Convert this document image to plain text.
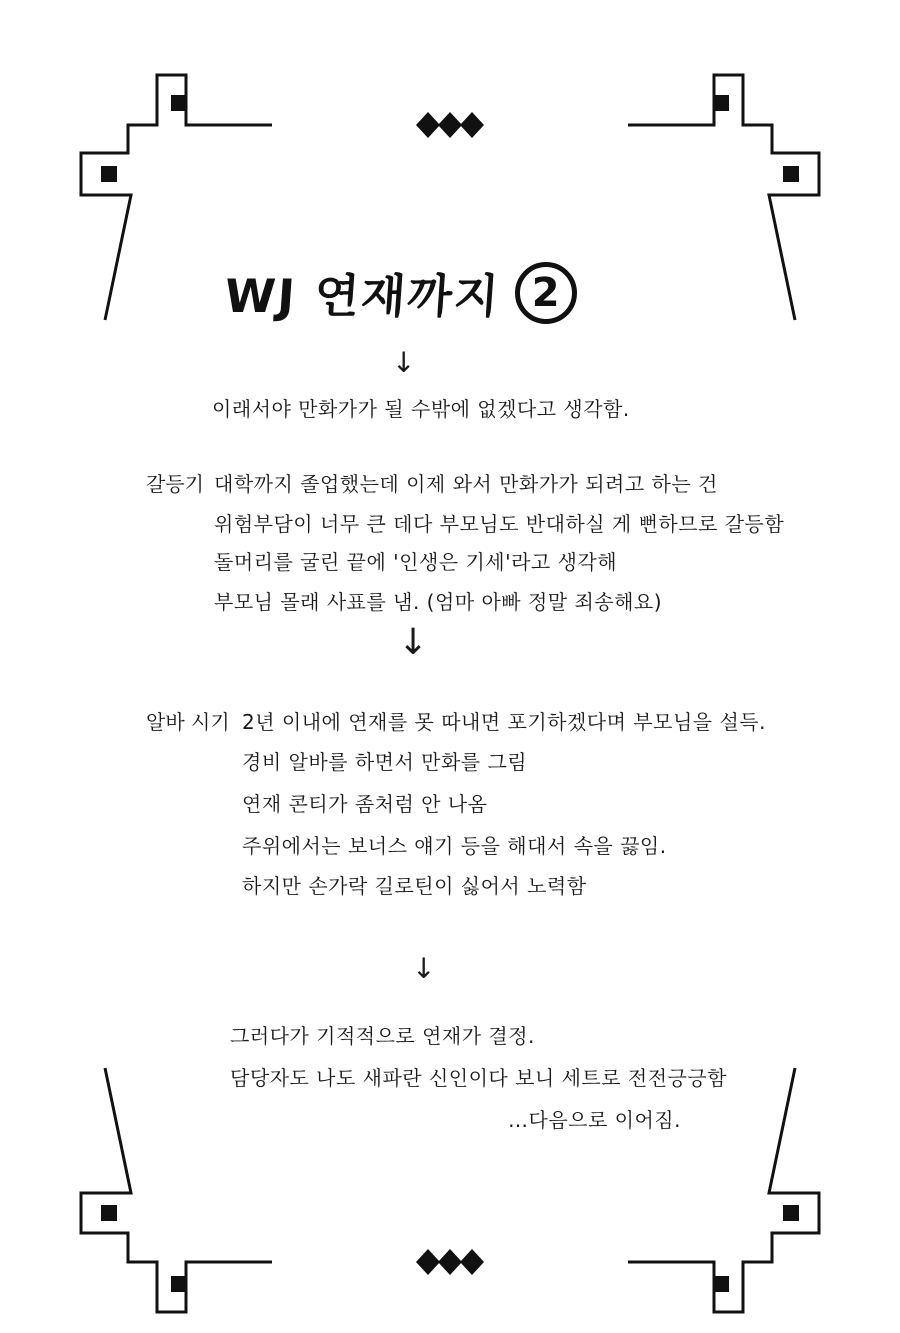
WJ 연재까지 2
↓
이래서야 만화가가 될 수밖에 없겠다고 생각함.
갈등기 대학까지 졸업했는데 이제 와서 만화가가 되려고 하는 건
위험부담이 너무 큰 데다 부모님도 반대하실 게 뻔하므로 갈등함
돌머리를 굴린 끝에 '인생은 기세'라고 생각해
부모님 몰래 사표를 냄. (엄마 아빠 정말 죄송해요)
↓
알바 시기 2년 이내에 연재를 못 따내면 포기하겠다며 부모님을 설득.
경비 알바를 하면서 만화를 그림
연재 콘티가 좀처럼 안 나옴
주위에서는 보너스 얘기 등을 해대서 속을 끓임.
하지만 손가락 길로틴이 싫어서 노력함
↓
그러다가 기적적으로 연재가 결정.
담당자도 나도 새파란 신인이다 보니 세트로 전전긍긍함
…다음으로 이어짐.
